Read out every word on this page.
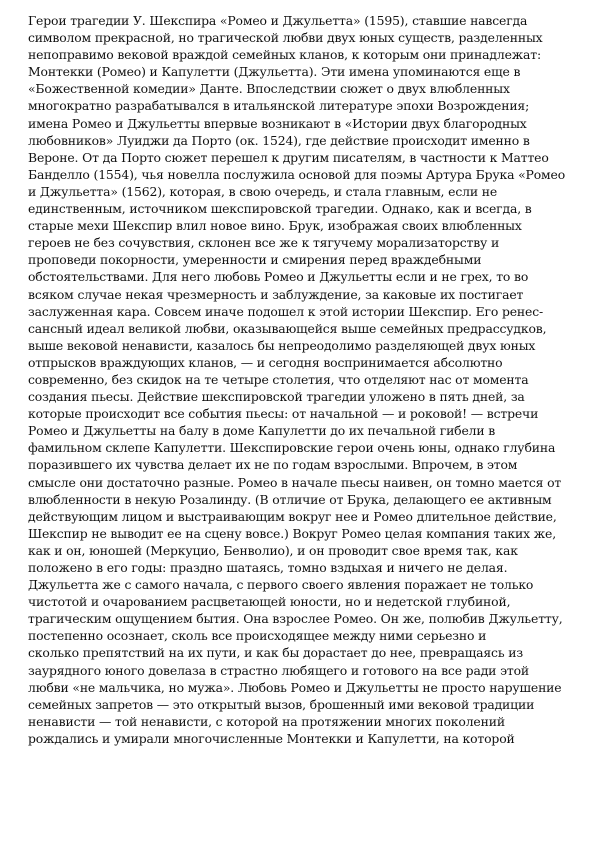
Герои трагедии У. Шекспира «Ромео и Джульетта» (1595), ставшие навсегда
символом прекрасной, но трагической любви двух юных существ, разделенных
непоправимо вековой враждой семейных кланов, к которым они принадлежат:
Монтекки (Ромео) и Капулетти (Джульетта). Эти имена упоминаются еще в
«Божественной комедии» Данте. Впоследствии сюжет о двух влюбленных
многократно разрабатывался в итальянской литературе эпохи Возрождения;
имена Ромео и Джульетты впервые возникают в «Истории двух благородных
любовников» Луиджи да Порто (ок. 1524), где действие происходит именно в
Вероне. От да Порто сюжет перешел к другим писателям, в частности к Маттео
Банделло (1554), чья новелла послужила основой для поэмы Артура Брука «Ромео
и Джульетта» (1562), которая, в свою очередь, и стала главным, если не
единственным, источником шекспировской трагедии. Однако, как и всегда, в
старые мехи Шекспир влил новое вино. Брук, изображая своих влюбленных
героев не без сочувствия, склонен все же к тягучему морализаторству и
проповеди покорности, умеренности и смирения перед враждебными
обстоятельствами. Для него любовь Ромео и Джульетты если и не грех, то во
всяком случае некая чрезмерность и заблуждение, за каковые их постигает
заслуженная кара. Совсем иначе подошел к этой истории Шекспир. Его ренес-
сансный идеал великой любви, оказывающейся выше семейных предрассудков,
выше вековой ненависти, казалось бы непреодолимо разделяющей двух юных
отпрысков враждующих кланов, — и сегодня воспринимается абсолютно
современно, без скидок на те четыре столетия, что отделяют нас от момента
создания пьесы. Действие шекспировской трагедии уложено в пять дней, за
которые происходит все события пьесы: от начальной — и роковой! — встречи
Ромео и Джульетты на балу в доме Капулетти до их печальной гибели в
фамильном склепе Капулетти. Шекспировские герои очень юны, однако глубина
поразившего их чувства делает их не по годам взрослыми. Впрочем, в этом
смысле они достаточно разные. Ромео в начале пьесы наивен, он томно мается от
влюбленности в некую Розалинду. (В отличие от Брука, делающего ее активным
действующим лицом и выстраивающим вокруг нее и Ромео длительное действие,
Шекспир не выводит ее на сцену вовсе.) Вокруг Ромео целая компания таких же,
как и он, юношей (Меркуцио, Бенволио), и он проводит свое время так, как
положено в его годы: праздно шатаясь, томно вздыхая и ничего не делая.
Джульетта же с самого начала, с первого своего явления поражает не только
чистотой и очарованием расцветающей юности, но и недетской глубиной,
трагическим ощущением бытия. Она взрослее Ромео. Он же, полюбив Джульетту,
постепенно осознает, сколь все происходящее между ними серьезно и
сколько препятствий на их пути, и как бы дорастает до нее, превращаясь из
заурядного юного довелаза в страстно любящего и готового на все ради этой
любви «не мальчика, но мужа». Любовь Ромео и Джульетты не просто нарушение
семейных запретов — это открытый вызов, брошенный ими вековой традиции
ненависти — той ненависти, с которой на протяжении многих поколений
рождались и умирали многочисленные Монтекки и Капулетти, на которой
